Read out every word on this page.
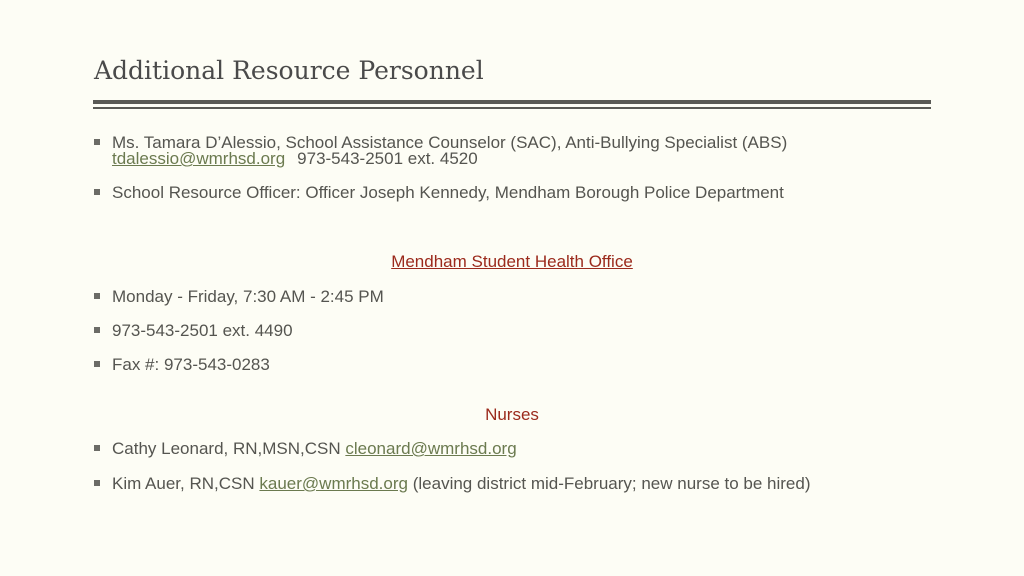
Additional Resource Personnel
Ms. Tamara D’Alessio, School Assistance Counselor (SAC), Anti-Bullying Specialist (ABS)
tdalessio@wmrhsd.org 973-543-2501 ext. 4520
School Resource Officer: Officer Joseph Kennedy, Mendham Borough Police Department
Mendham Student Health Office
Monday - Friday, 7:30 AM - 2:45 PM
973-543-2501 ext. 4490
Fax #: 973-543-0283
Nurses
Cathy Leonard, RN,MSN,CSN cleonard@wmrhsd.org
Kim Auer, RN,CSN kauer@wmrhsd.org (leaving district mid-February; new nurse to be hired)
